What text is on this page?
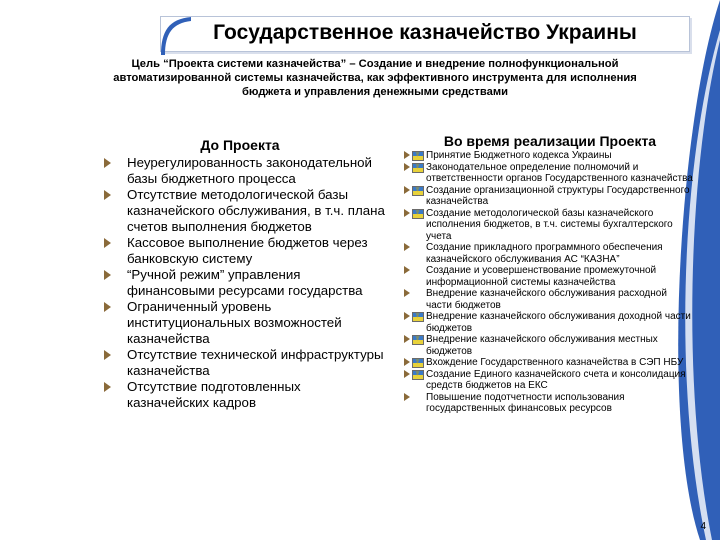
Государственное казначейство Украины
Цель “Проекта системи казначейства” – Создание и внедрение полнофункциональной автоматизированной системы казначейства, как эффективного инструмента для исполнения бюджета и управления денежными средствами
До Проекта	Во время реализации Проекта
Неурегулированность законодательной базы бюджетного процесса
Отсутствие методологической базы казначейского обслуживания, в т.ч. плана счетов выполнения бюджетов
Кассовое выполнение бюджетов через банковскую систему
“Ручной режим” управления финансовыми ресурсами государства
Ограниченный уровень институциональных возможностей казначейства
Отсутствие технической инфраструктуры казначейства
Отсутствие подготовленных казначейских кадров
♆
Принятие Бюджетного кодекса Украины
♆
Законодательное определение полномочий и ответственности органов Государственного казначейства
♆
Создание организационной структуры Государственного казначейства
♆
Создание методологической базы казначейского исполнения бюджетов, в т.ч. системы бухгалтерского учета
Создание прикладного программного обеспечения казначейского обслуживания АС “КАЗНА”
Создание и усовершенствование промежуточной информационной системы казначейства
Внедрение казначейского обслуживания расходной части бюджетов
♆
Внедрение казначейского обслуживания доходной части бюджетов
♆
Внедрение казначейского обслуживания местных бюджетов
♆
Вхождение Государственного казначейства в СЭП НБУ
♆
Создание Единого казначейского счета и консолидация средств бюджетов на ЕКС
Повышение подотчетности использования государственных финансовых ресурсов
4
